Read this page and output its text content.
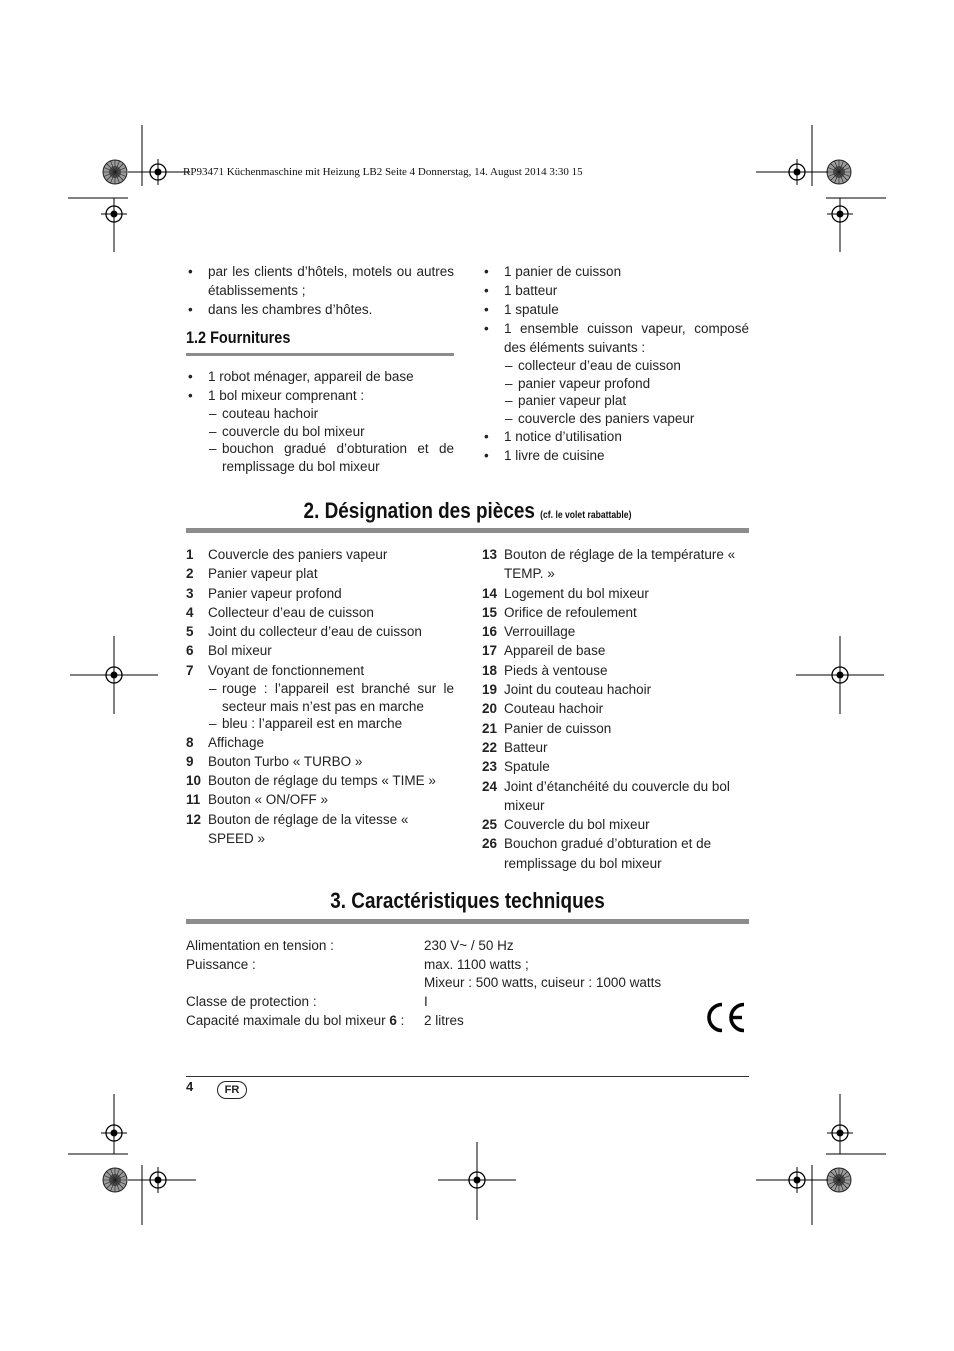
RP93471 Küchenmaschine mit Heizung LB2 Seite 4 Donnerstag, 14. August 2014 3:30 15
• par les clients d’hôtels, motels ou autres établissements ;
• dans les chambres d’hôtes.
1.2 Fournitures
• 1 robot ménager, appareil de base
• 1 bol mixeur comprenant :
– couteau hachoir
– couvercle du bol mixeur
– bouchon gradué d’obturation et de remplissage du bol mixeur
• 1 panier de cuisson
• 1 batteur
• 1 spatule
• 1 ensemble cuisson vapeur, composé des éléments suivants :
– collecteur d’eau de cuisson
– panier vapeur profond
– panier vapeur plat
– couvercle des paniers vapeur
• 1 notice d’utilisation
• 1 livre de cuisine
2. Désignation des pièces (cf. le volet rabattable)
1 Couvercle des paniers vapeur
2 Panier vapeur plat
3 Panier vapeur profond
4 Collecteur d’eau de cuisson
5 Joint du collecteur d’eau de cuisson
6 Bol mixeur
7 Voyant de fonctionnement
– rouge : l’appareil est branché sur le secteur mais n’est pas en marche
– bleu : l’appareil est en marche
8 Affichage
9 Bouton Turbo « TURBO »
10 Bouton de réglage du temps « TIME »
11 Bouton « ON/OFF »
12 Bouton de réglage de la vitesse « SPEED »
13 Bouton de réglage de la température « TEMP. »
14 Logement du bol mixeur
15 Orifice de refoulement
16 Verrouillage
17 Appareil de base
18 Pieds à ventouse
19 Joint du couteau hachoir
20 Couteau hachoir
21 Panier de cuisson
22 Batteur
23 Spatule
24 Joint d’étanchéité du couvercle du bol mixeur
25 Couvercle du bol mixeur
26 Bouchon gradué d’obturation et de remplissage du bol mixeur
3. Caractéristiques techniques
Alimentation en tension :	230 V~ / 50 Hz
Puissance :	max. 1100 watts ;
Mixeur : 500 watts, cuiseur : 1000 watts
Classe de protection :	I
Capacité maximale du bol mixeur 6 : 2 litres
4	FR
